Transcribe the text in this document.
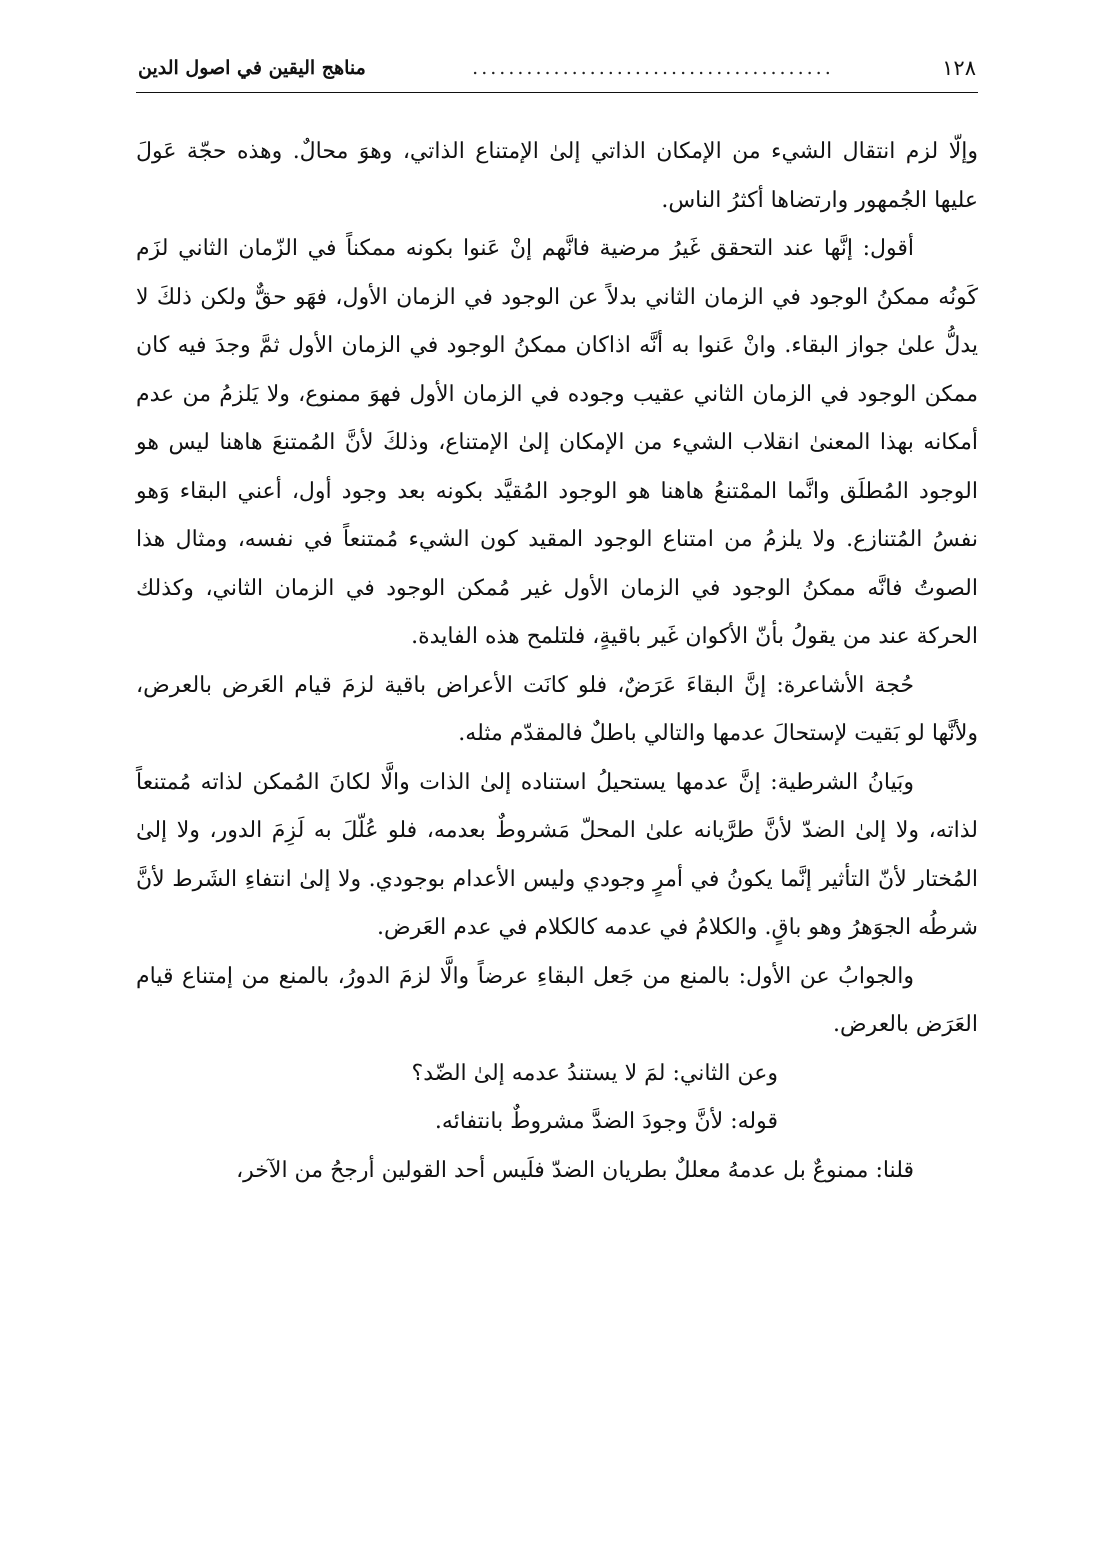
١٢٨
........................................
مناهج اليقين في اصول الدين

وإلّا لزم انتقال الشيء من الإمكان الذاتي إلىٰ الإمتناع الذاتي، وهوَ محالٌ. وهذه حجّة عَولَ عليها الجُمهور وارتضاها أكثرُ الناس.

أقول: إنَّها عند التحقق غَيرُ مرضية فانَّهم إنْ عَنوا بكونه ممكناً في الزّمان الثاني لزَم كَونُه ممكنُ الوجود في الزمان الثاني بدلاً عن الوجود في الزمان الأول، فهَو حقٌّ ولكن ذلكَ لا يدلُّ علىٰ جواز البقاء. وانْ عَنوا به أنَّه اذاكان ممكنُ الوجود في الزمان الأول ثمَّ وجدَ فيه كان ممكن الوجود في الزمان الثاني عقيب وجوده في الزمان الأول فهوَ ممنوع، ولا يَلزمُ من عدم أمكانه بهذا المعنىٰ انقلاب الشيء من الإمكان إلىٰ الإمتناع، وذلكَ لأنَّ المُمتنعَ هاهنا ليس هو الوجود المُطلَق وانَّما الممْتنعُ هاهنا هو الوجود المُقيَّد بكونه بعد وجود أول، أعني البقاء وَهو نفسُ المُتنازع. ولا يلزمُ من امتناع الوجود المقيد كون الشيء مُمتنعاً في نفسه، ومثال هذا الصوتُ فانَّه ممكنُ الوجود في الزمان الأول غير مُمكن الوجود في الزمان الثاني، وكذلك الحركة عند من يقولُ بأنّ الأكوان غَير باقيةٍ، فلتلمح هذه الفايدة.

حُجة الأشاعرة: إنَّ البقاءَ عَرَضٌ، فلو كانَت الأعراض باقية لزمَ قيام العَرض بالعرض، ولأنَّها لو بَقيت لإستحالَ عدمها والتالي باطلٌ فالمقدّم مثله.

وبَيانُ الشرطية: إنَّ عدمها يستحيلُ استناده إلىٰ الذات والَّا لكانَ المُمكن لذاته مُمتنعاً لذاته، ولا إلىٰ الضدّ لأنَّ طرَّيانه علىٰ المحلّ مَشروطٌ بعدمه، فلو عُلّلَ به لَزِمَ الدور، ولا إلىٰ المُختار لأنّ التأثير إنَّما يكونُ في أمرٍ وجودي وليس الأعدام بوجودي. ولا إلىٰ انتفاءِ الشَرط لأنَّ شرطُه الجوَهرُ وهو باقٍ. والكلامُ في عدمه كالكلام في عدم العَرض.

والجوابُ عن الأول: بالمنع من جَعل البقاءِ عرضاً والَّا لزمَ الدورُ، بالمنع من إمتناع قيام العَرَض بالعرض.

وعن الثاني: لمَ لا يستندُ عدمه إلىٰ الضّد؟

قوله: لأنَّ وجودَ الضدَّ مشروطٌ بانتفائه.

قلنا: ممنوعٌ بل عدمهُ معللٌ بطريان الضدّ فلَيس أحد القولين أرجحُ من الآخر،
